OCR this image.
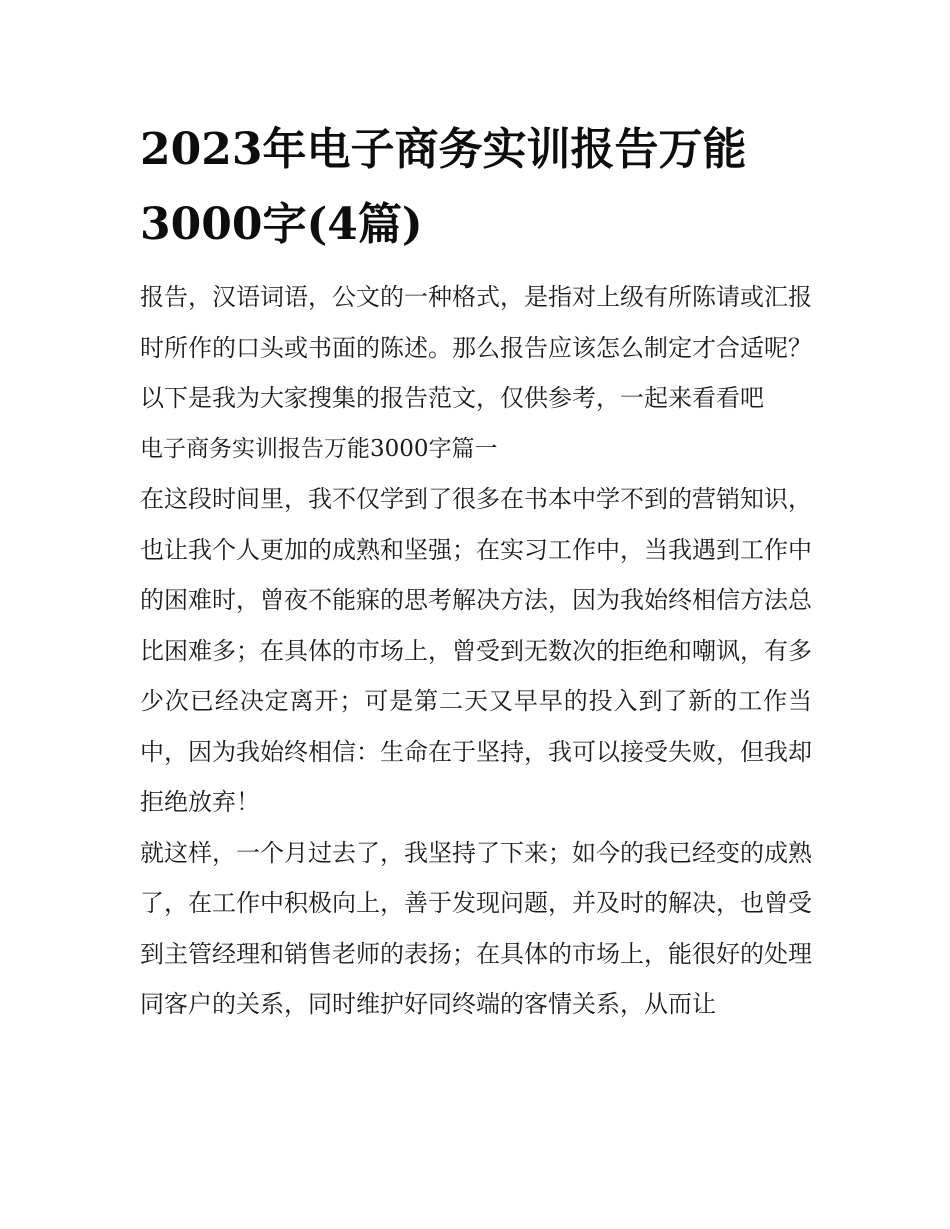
2023年电子商务实训报告万能3000字(4篇)

报告，汉语词语，公文的一种格式，是指对上级有所陈请或汇报时所作的口头或书面的陈述。那么报告应该怎么制定才合适呢？以下是我为大家搜集的报告范文，仅供参考，一起来看看吧

电子商务实训报告万能3000字篇一

在这段时间里，我不仅学到了很多在书本中学不到的营销知识，也让我个人更加的成熟和坚强；在实习工作中，当我遇到工作中的困难时，曾夜不能寐的思考解决方法，因为我始终相信方法总比困难多；在具体的市场上，曾受到无数次的拒绝和嘲讽，有多少次已经决定离开；可是第二天又早早的投入到了新的工作当中，因为我始终相信：生命在于坚持，我可以接受失败，但我却拒绝放弃！

就这样，一个月过去了，我坚持了下来；如今的我已经变的成熟了，在工作中积极向上，善于发现问题，并及时的解决，也曾受到主管经理和销售老师的表扬；在具体的市场上，能很好的处理同客户的关系，同时维护好同终端的客情关系，从而让
